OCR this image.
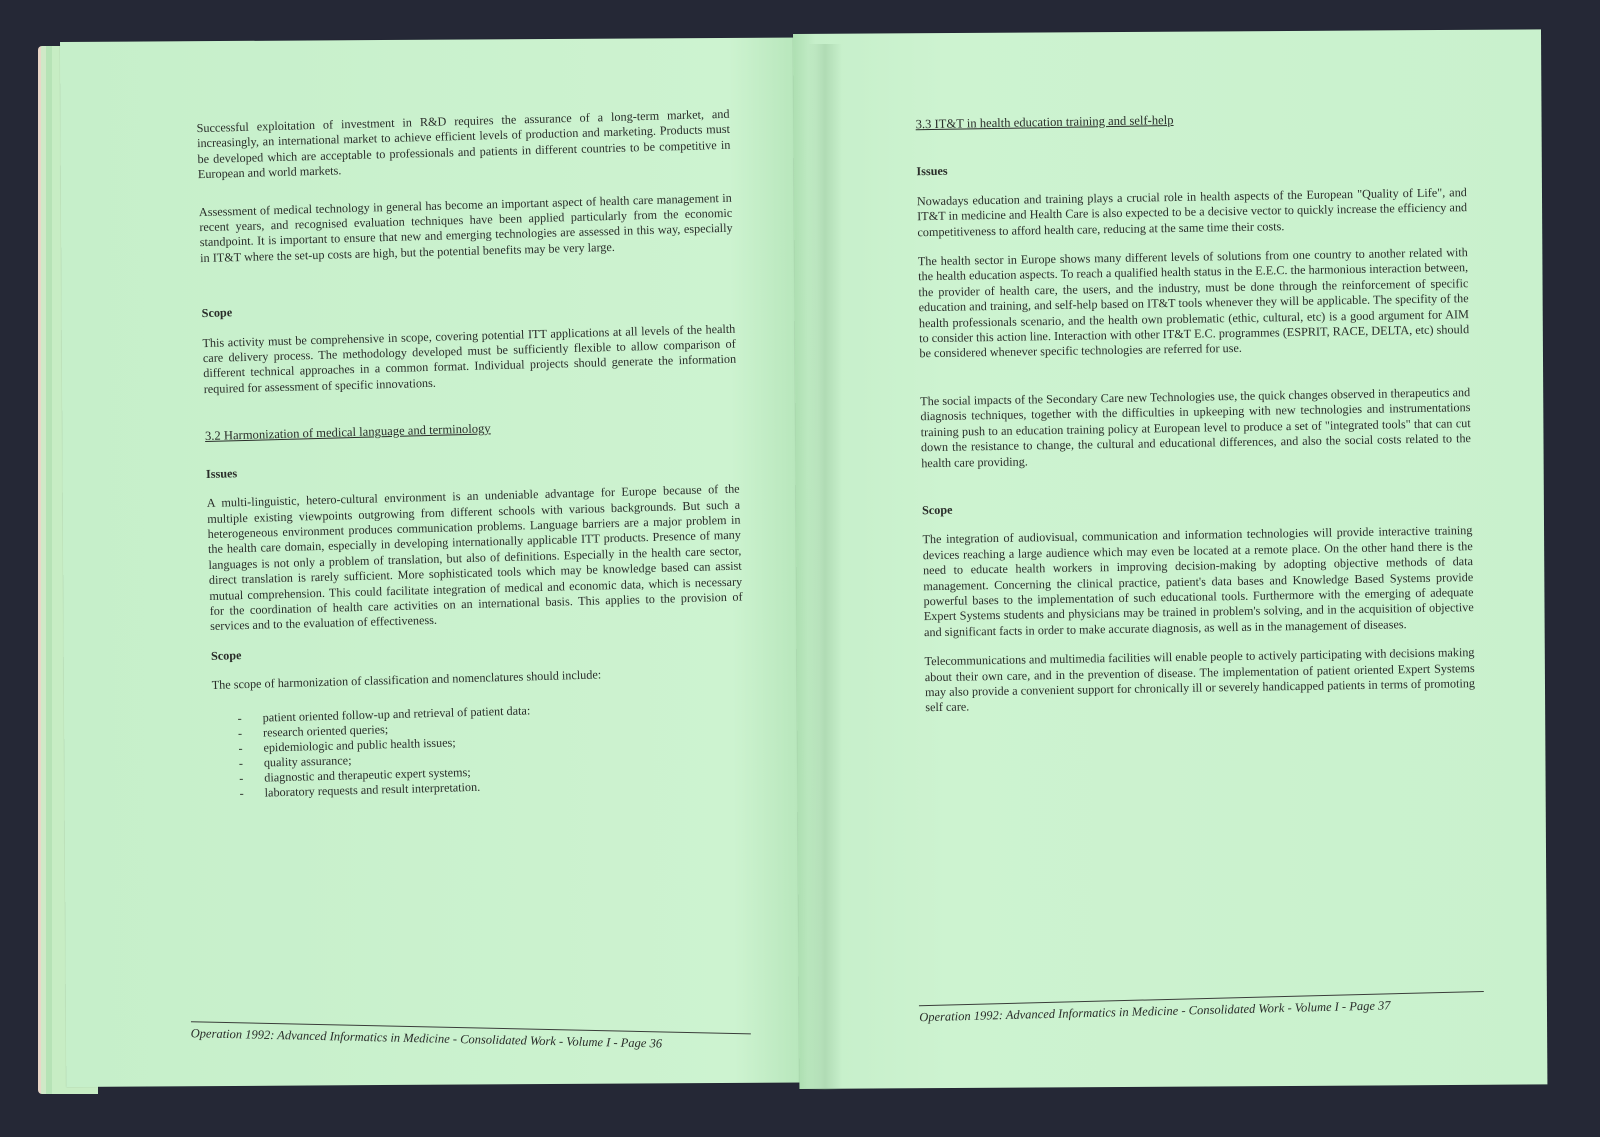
Successful exploitation of investment in R&D requires the assurance of a long-term market, and increasingly, an international market to achieve efficient levels of production and marketing. Products must be developed which are acceptable to professionals and patients in different countries to be competitive in European and world markets.

Assessment of medical technology in general has become an important aspect of health care management in recent years, and recognised evaluation techniques have been applied particularly from the economic standpoint. It is important to ensure that new and emerging technologies are assessed in this way, especially in IT&T where the set-up costs are high, but the potential benefits may be very large.

Scope

This activity must be comprehensive in scope, covering potential ITT applications at all levels of the health care delivery process. The methodology developed must be sufficiently flexible to allow comparison of different technical approaches in a common format. Individual projects should generate the information required for assessment of specific innovations.

3.2 Harmonization of medical language and terminology
Issues

A multi-linguistic, hetero-cultural environment is an undeniable advantage for Europe because of the multiple existing viewpoints outgrowing from different schools with various backgrounds. But such a heterogeneous environment produces communication problems. Language barriers are a major problem in the health care domain, especially in developing internationally applicable ITT products. Presence of many languages is not only a problem of translation, but also of definitions. Especially in the health care sector, direct translation is rarely sufficient. More sophisticated tools which may be knowledge based can assist mutual comprehension. This could facilitate integration of medical and economic data, which is necessary for the coordination of health care activities on an international basis. This applies to the provision of services and to the evaluation of effectiveness.

Scope

The scope of harmonization of classification and nomenclatures should include:

- patient oriented follow-up and retrieval of patient data:
- research oriented queries;
- epidemiologic and public health issues;
- quality assurance;
- diagnostic and therapeutic expert systems;
- laboratory requests and result interpretation.
Operation 1992: Advanced Informatics in Medicine - Consolidated Work - Volume I - Page 36
3.3 IT&T in health education training and self-help
Issues

Nowadays education and training plays a crucial role in health aspects of the European "Quality of Life", and IT&T in medicine and Health Care is also expected to be a decisive vector to quickly increase the efficiency and competitiveness to afford health care, reducing at the same time their costs.

The health sector in Europe shows many different levels of solutions from one country to another related with the health education aspects. To reach a qualified health status in the E.E.C. the harmonious interaction between, the provider of health care, the users, and the industry, must be done through the reinforcement of specific education and training, and self-help based on IT&T tools whenever they will be applicable. The specifity of the health professionals scenario, and the health own problematic (ethic, cultural, etc) is a good argument for AIM to consider this action line. Interaction with other IT&T E.C. programmes (ESPRIT, RACE, DELTA, etc) should be considered whenever specific technologies are referred for use.

The social impacts of the Secondary Care new Technologies use, the quick changes observed in therapeutics and diagnosis techniques, together with the difficulties in upkeeping with new technologies and instrumentations training push to an education training policy at European level to produce a set of "integrated tools" that can cut down the resistance to change, the cultural and educational differences, and also the social costs related to the health care providing.

Scope

The integration of audiovisual, communication and information technologies will provide interactive training devices reaching a large audience which may even be located at a remote place. On the other hand there is the need to educate health workers in improving decision-making by adopting objective methods of data management. Concerning the clinical practice, patient's data bases and Knowledge Based Systems provide powerful bases to the implementation of such educational tools. Furthermore with the emerging of adequate Expert Systems students and physicians may be trained in problem's solving, and in the acquisition of objective and significant facts in order to make accurate diagnosis, as well as in the management of diseases.

Telecommunications and multimedia facilities will enable people to actively participating with decisions making about their own care, and in the prevention of disease. The implementation of patient oriented Expert Systems may also provide a convenient support for chronically ill or severely handicapped patients in terms of promoting self care.

Operation 1992: Advanced Informatics in Medicine - Consolidated Work - Volume I - Page 37
